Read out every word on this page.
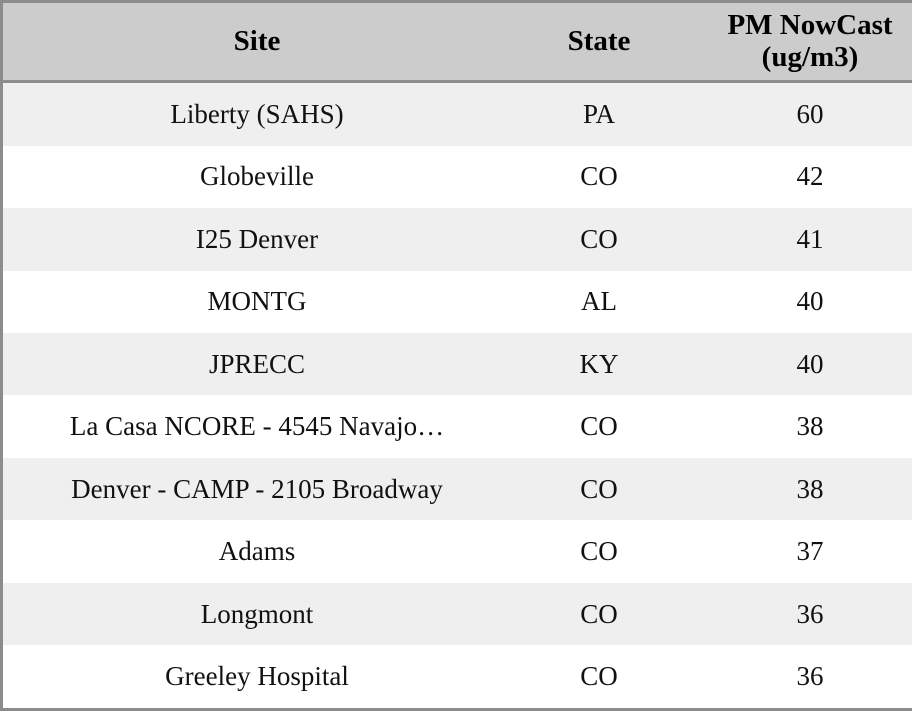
Site	State	PM NowCast (ug/m3)
Liberty (SAHS)	PA	60
Globeville	CO	42
I25 Denver	CO	41
MONTG	AL	40
JPRECC	KY	40
La Casa NCORE - 4545 Navajo…	CO	38
Denver - CAMP - 2105 Broadway	CO	38
Adams	CO	37
Longmont	CO	36
Greeley Hospital	CO	36
